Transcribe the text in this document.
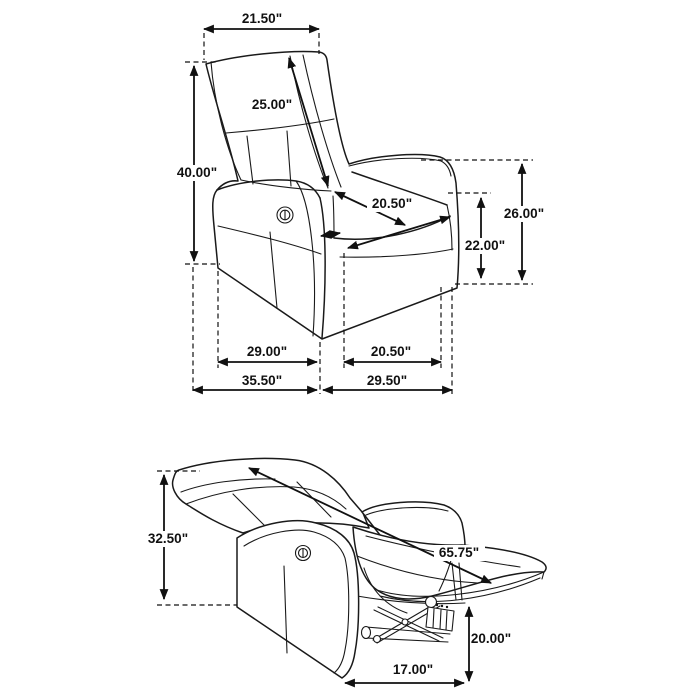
21.50"
40.00"
25.00"
20.50"
26.00"
22.00"
29.00"	20.50"
35.50"	29.50"
32.50"
65.75"
20.00"
17.00"
